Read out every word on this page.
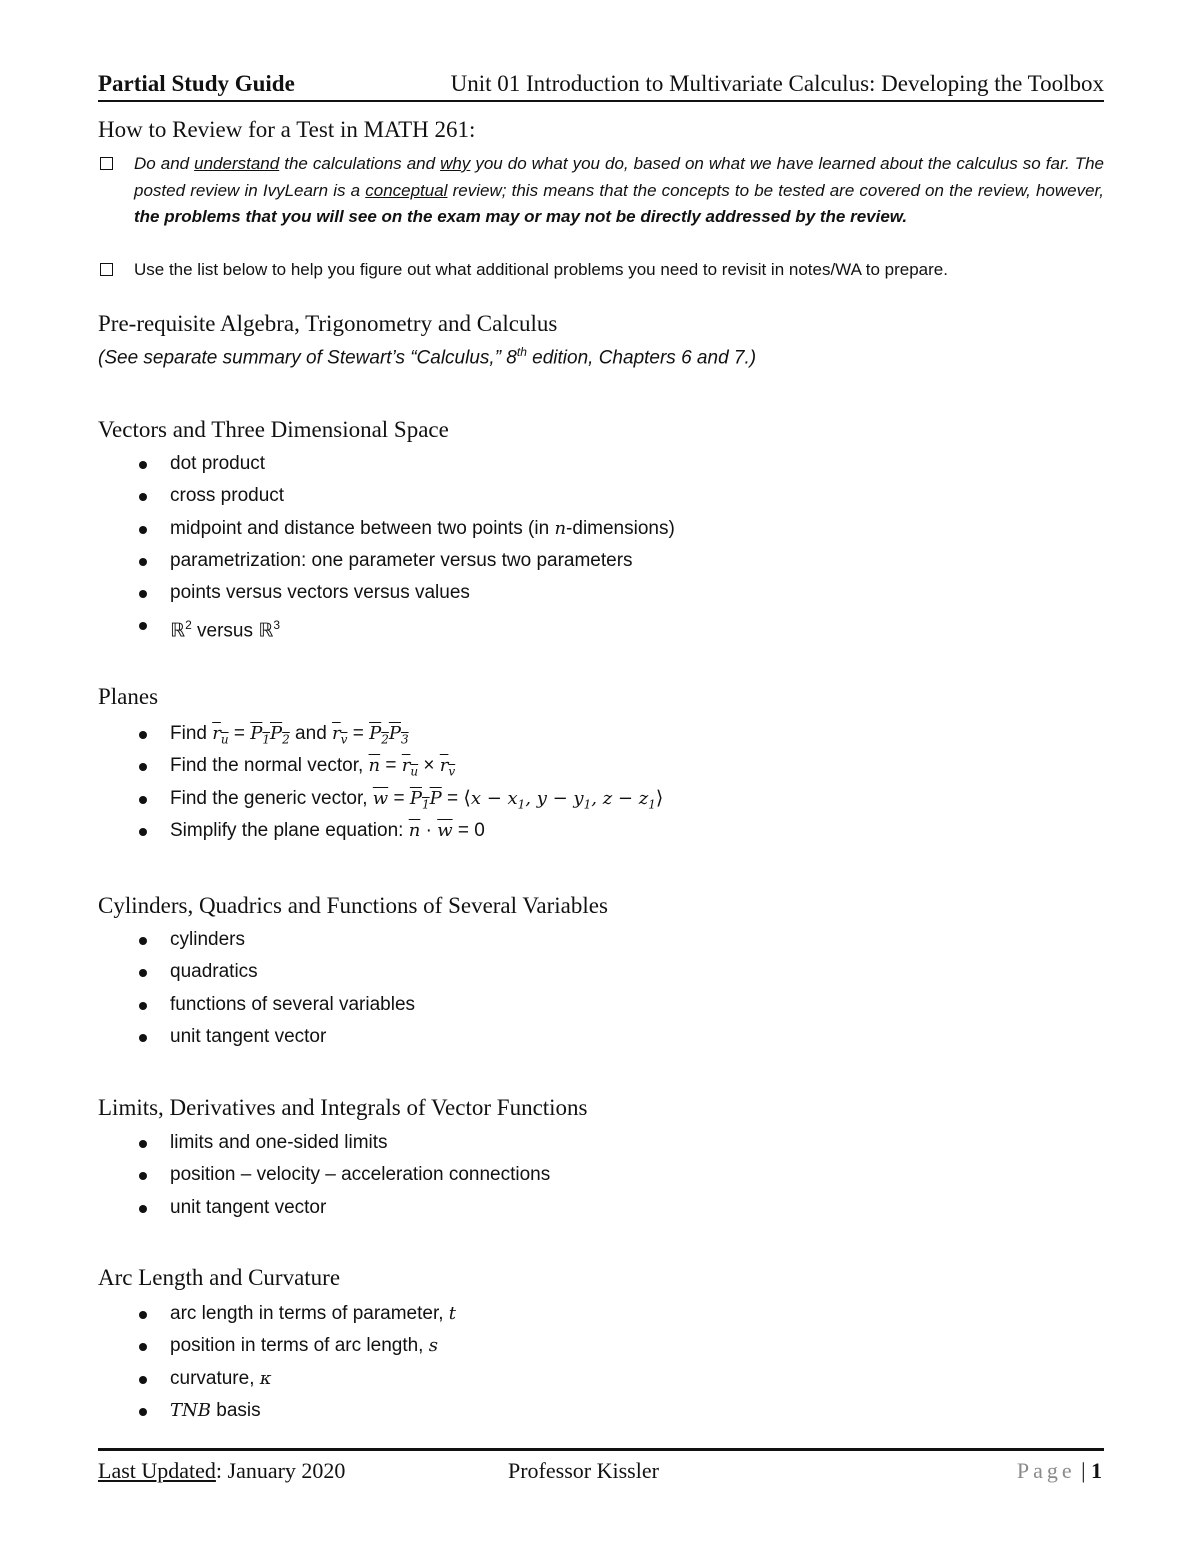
Partial Study Guide	Unit 01 Introduction to Multivariate Calculus: Developing the Toolbox
How to Review for a Test in MATH 261:
Do and understand the calculations and why you do what you do, based on what we have learned about the calculus so far. The posted review in IvyLearn is a conceptual review; this means that the concepts to be tested are covered on the review, however, the problems that you will see on the exam may or may not be directly addressed by the review.
Use the list below to help you figure out what additional problems you need to revisit in notes/WA to prepare.
Pre-requisite Algebra, Trigonometry and Calculus
(See separate summary of Stewart’s “Calculus,” 8th edition, Chapters 6 and 7.)
Vectors and Three Dimensional Space
dot product
cross product
midpoint and distance between two points (in n-dimensions)
parametrization: one parameter versus two parameters
points versus vectors versus values
ℝ$^2$ versus ℝ$^3$
Planes
Find $r_u = P_1P_2$ and $r_v = P_2P_3$
Find the normal vector, $\overline{n} = r_u \times r_v$
Find the generic vector, $\overline{w} = P_1P$ = ⟨x − $x_1$, $y - y_1$, $z - z_1⟩$
Simplify the plane equation: $\overline{n} \cdot \overline{w} = 0$
Cylinders, Quadrics and Functions of Several Variables
cylinders
quadratics
functions of several variables
unit tangent vector
Limits, Derivatives and Integrals of Vector Functions
limits and one-sided limits
position – velocity – acceleration connections
unit tangent vector
Arc Length and Curvature
arc length in terms of parameter, t
position in terms of arc length, s
curvature, κ
TNB basis
Last Updated: January 2020	Professor Kissler	Page | 1
